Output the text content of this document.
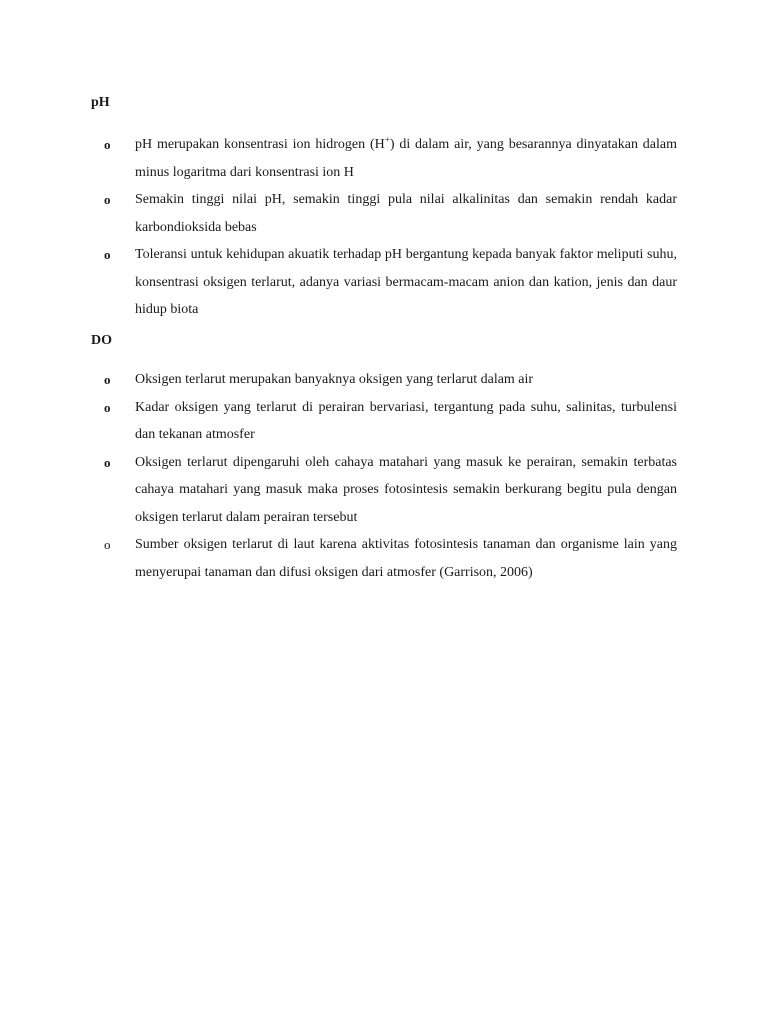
pH

o pH merupakan konsentrasi ion hidrogen (H+) di dalam air, yang besarannya dinyatakan dalam minus logaritma dari konsentrasi ion H
o Semakin tinggi nilai pH, semakin tinggi pula nilai alkalinitas dan semakin rendah kadar karbondioksida bebas
o Toleransi untuk kehidupan akuatik terhadap pH bergantung kepada banyak faktor meliputi suhu, konsentrasi oksigen terlarut, adanya variasi bermacam-macam anion dan kation, jenis dan daur hidup biota

DO

o Oksigen terlarut merupakan banyaknya oksigen yang terlarut dalam air
o Kadar oksigen yang terlarut di perairan bervariasi, tergantung pada suhu, salinitas, turbulensi dan tekanan atmosfer
o Oksigen terlarut dipengaruhi oleh cahaya matahari yang masuk ke perairan, semakin terbatas cahaya matahari yang masuk maka proses fotosintesis semakin berkurang begitu pula dengan oksigen terlarut dalam perairan tersebut
o Sumber oksigen terlarut di laut karena aktivitas fotosintesis tanaman dan organisme lain yang menyerupai tanaman dan difusi oksigen dari atmosfer (Garrison, 2006)
